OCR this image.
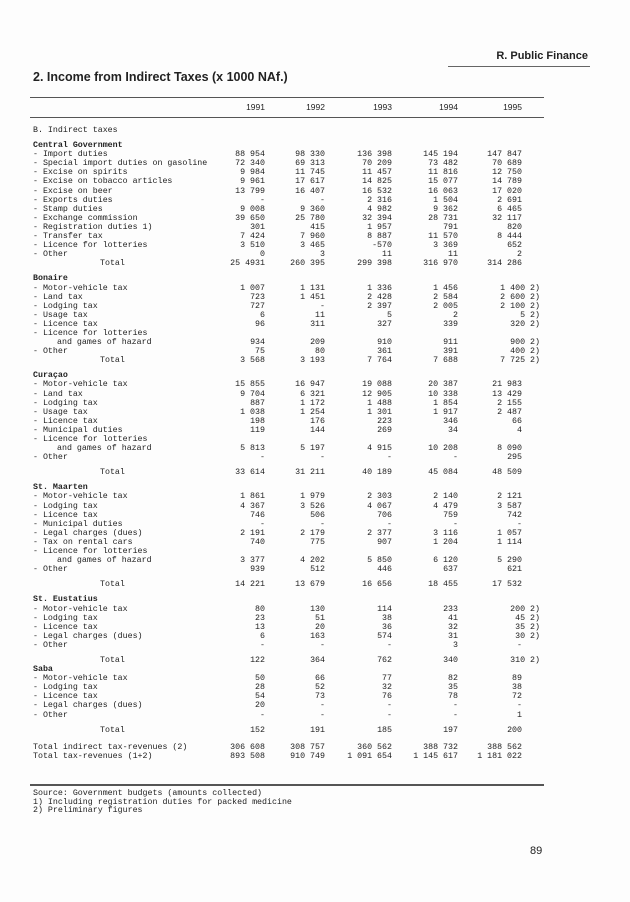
R. Public Finance
2. Income from Indirect Taxes (x 1000 NAf.)
1991	1992	1993	1994	1995
B. Indirect taxes
Central Government
- Import duties	88 954	98 330	136 398	145 194	147 847
- Special import duties on gasoline	72 340	69 313	70 209	73 482	70 689
- Excise on spirits	9 984	11 745	11 457	11 816	12 750
- Excise on tobacco articles	9 961	17 617	14 825	15 077	14 789
- Excise on beer	13 799	16 407	16 532	16 063	17 020
- Exports duties	-	-	2 316	1 504	2 691
- Stamp duties	9 008	9 360	4 982	9 362	6 465
- Exchange commission	39 650	25 780	32 394	28 731	32 117
- Registration duties 1)	301	415	1 957	791	820
- Transfer tax	7 424	7 960	8 887	11 570	8 444
- Licence for lotteries	3 510	3 465	-570	3 369	652
- Other	0	3	11	11	2
Total	25 4931	260 395	299 398	316 970	314 286
Bonaire
- Motor-vehicle tax	1 007	1 131	1 336	1 456	1 400 2)
- Land tax	723	1 451	2 428	2 584	2 600 2)
- Lodging tax	727	-	2 397	2 005	2 100 2)
- Usage tax	6	11	5	2	5 2)
- Licence tax	96	311	327	339	320 2)
- Licence for lotteries
and games of hazard	934	209	910	911	900 2)
- Other	75	80	361	391	400 2)
Total	3 568	3 193	7 764	7 688	7 725 2)
Curaçao
- Motor-vehicle tax	15 855	16 947	19 088	20 387	21 983
- Land tax	9 704	6 321	12 905	10 338	13 429
- Lodging tax	887	1 172	1 488	1 854	2 155
- Usage tax	1 038	1 254	1 301	1 917	2 487
- Licence tax	198	176	223	346	66
- Municipal duties	119	144	269	34	4
- Licence for lotteries
and games of hazard	5 813	5 197	4 915	10 208	8 090
- Other	-	-	-	-	295
Total	33 614	31 211	40 189	45 084	48 509
St. Maarten
- Motor-vehicle tax	1 861	1 979	2 303	2 140	2 121
- Lodging tax	4 367	3 526	4 067	4 479	3 587
- Licence tax	746	506	706	759	742
- Municipal duties	-	-	-	-	-
- Legal charges (dues)	2 191	2 179	2 377	3 116	1 057
- Tax on rental cars	740	775	907	1 204	1 114
- Licence for lotteries
and games of hazard	3 377	4 202	5 850	6 120	5 290
- Other	939	512	446	637	621
Total	14 221	13 679	16 656	18 455	17 532
St. Eustatius
- Motor-vehicle tax	80	130	114	233	200 2)
- Lodging tax	23	51	38	41	45 2)
- Licence tax	13	20	36	32	35 2)
- Legal charges (dues)	6	163	574	31	30 2)
- Other	-	-	-	3	-
Total	122	364	762	340	310 2)
Saba
- Motor-vehicle tax	50	66	77	82	89
- Lodging tax	28	52	32	35	38
- Licence tax	54	73	76	78	72
- Legal charges (dues)	20	-	-	-	-
- Other	-	-	-	-	1
Total	152	191	185	197	200
Total indirect tax-revenues (2)	306 608	308 757	360 562	388 732	388 562
Total tax-revenues (1+2)	893 508	910 749	1 091 654	1 145 617	1 181 022
Source: Government budgets (amounts collected)
1) Including registration duties for packed medicine
2) Preliminary figures
89
